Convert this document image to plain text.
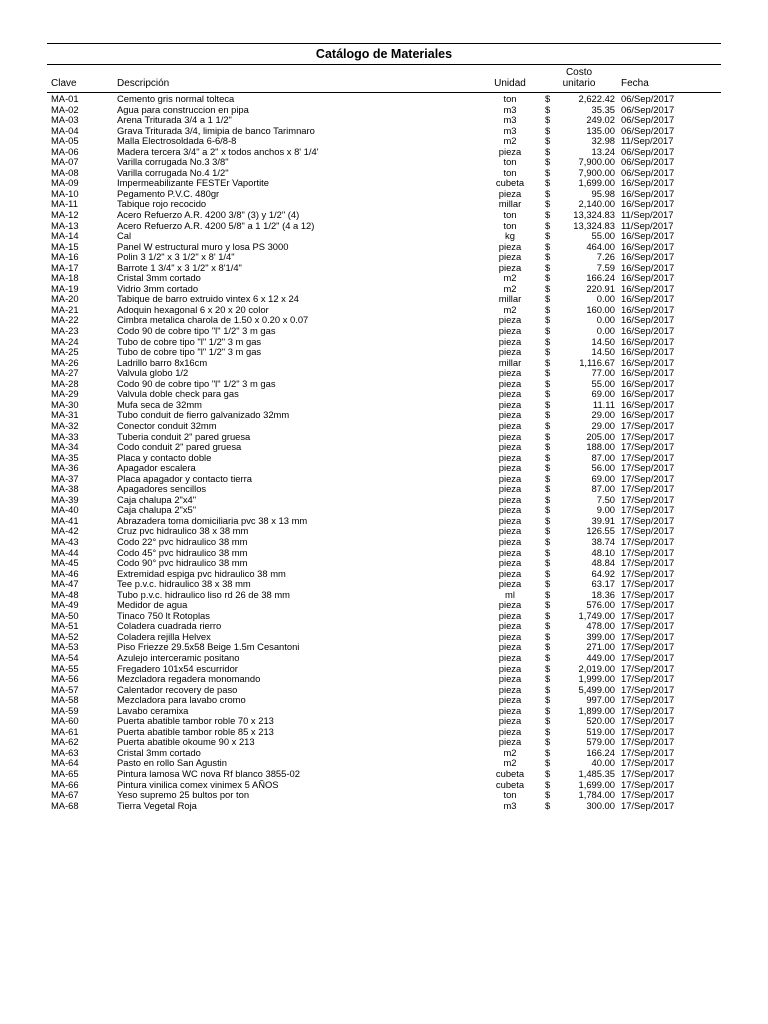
Catálogo de Materiales
Clave	Descripción	Unidad	Costo
unitario		Fecha
MA-01	Cemento gris normal tolteca	ton	$	2,622.42	06/Sep/2017
MA-02	Agua para construccion en pipa	m3	$	35.35	06/Sep/2017
MA-03	Arena Triturada 3/4 a 1 1/2"	m3	$	249.02	06/Sep/2017
MA-04	Grava Triturada 3/4, limipia de banco Tarimnaro	m3	$	135.00	06/Sep/2017
MA-05	Malla Electrosoldada 6-6/8-8	m2	$	32.98	11/Sep/2017
MA-06	Madera tercera 3/4" a 2" x todos anchos x 8' 1/4'	pieza	$	13.24	06/Sep/2017
MA-07	Varilla corrugada No.3 3/8"	ton	$	7,900.00	06/Sep/2017
MA-08	Varilla corrugada No.4 1/2"	ton	$	7,900.00	06/Sep/2017
MA-09	Impermeabilizante FESTEr Vaportite	cubeta	$	1,699.00	16/Sep/2017
MA-10	Pegamento P.V.C. 480gr	pieza	$	95.98	16/Sep/2017
MA-11	Tabique rojo recocido	millar	$	2,140.00	16/Sep/2017
MA-12	Acero Refuerzo A.R. 4200 3/8" (3) y 1/2" (4)	ton	$	13,324.83	11/Sep/2017
MA-13	Acero Refuerzo A.R. 4200 5/8" a 1 1/2" (4 a 12)	ton	$	13,324.83	11/Sep/2017
MA-14	Cal	kg	$	55.00	16/Sep/2017
MA-15	Panel W estructural muro y losa PS 3000	pieza	$	464.00	16/Sep/2017
MA-16	Polin 3 1/2" x 3 1/2" x 8' 1/4"	pieza	$	7.26	16/Sep/2017
MA-17	Barrote 1 3/4" x 3 1/2" x 8'1/4"	pieza	$	7.59	16/Sep/2017
MA-18	Cristal 3mm cortado	m2	$	166.24	16/Sep/2017
MA-19	Vidrio 3mm cortado	m2	$	220.91	16/Sep/2017
MA-20	Tabique de barro extruido vintex 6 x 12 x 24	millar	$	0.00	16/Sep/2017
MA-21	Adoquin hexagonal 6 x 20 x 20 color	m2	$	160.00	16/Sep/2017
MA-22	Cimbra metalica charola de 1.50 x 0.20 x 0.07	pieza	$	0.00	16/Sep/2017
MA-23	Codo 90 de cobre tipo "l" 1/2" 3 m gas	pieza	$	0.00	16/Sep/2017
MA-24	Tubo de cobre tipo "l" 1/2" 3 m gas	pieza	$	14.50	16/Sep/2017
MA-25	Tubo de cobre tipo "l" 1/2" 3 m gas	pieza	$	14.50	16/Sep/2017
MA-26	Ladrillo barro 8x16cm	millar	$	1,116.67	16/Sep/2017
MA-27	Valvula globo 1/2	pieza	$	77.00	16/Sep/2017
MA-28	Codo 90 de cobre tipo "l" 1/2" 3 m gas	pieza	$	55.00	16/Sep/2017
MA-29	Valvula doble check para gas	pieza	$	69.00	16/Sep/2017
MA-30	Mufa seca de 32mm	pieza	$	11.11	16/Sep/2017
MA-31	Tubo conduit de fierro galvanizado 32mm	pieza	$	29.00	16/Sep/2017
MA-32	Conector conduit 32mm	pieza	$	29.00	17/Sep/2017
MA-33	Tuberia conduit 2" pared gruesa	pieza	$	205.00	17/Sep/2017
MA-34	Codo conduit 2" pared gruesa	pieza	$	188.00	17/Sep/2017
MA-35	Placa y contacto doble	pieza	$	87.00	17/Sep/2017
MA-36	Apagador escalera	pieza	$	56.00	17/Sep/2017
MA-37	Placa apagador y contacto tierra	pieza	$	69.00	17/Sep/2017
MA-38	Apagadores sencillos	pieza	$	87.00	17/Sep/2017
MA-39	Caja chalupa 2"x4"	pieza	$	7.50	17/Sep/2017
MA-40	Caja chalupa 2"x5"	pieza	$	9.00	17/Sep/2017
MA-41	Abrazadera toma domiciliaria pvc 38 x 13 mm	pieza	$	39.91	17/Sep/2017
MA-42	Cruz pvc hidraulico 38 x 38 mm	pieza	$	126.55	17/Sep/2017
MA-43	Codo 22° pvc hidraulico 38 mm	pieza	$	38.74	17/Sep/2017
MA-44	Codo 45° pvc hidraulico 38 mm	pieza	$	48.10	17/Sep/2017
MA-45	Codo 90° pvc hidraulico 38 mm	pieza	$	48.84	17/Sep/2017
MA-46	Extremidad espiga pvc hidraulico 38 mm	pieza	$	64.92	17/Sep/2017
MA-47	Tee p.v.c. hidraulico 38 x 38 mm	pieza	$	63.17	17/Sep/2017
MA-48	Tubo p.v.c. hidraulico liso rd 26 de 38 mm	ml	$	18.36	17/Sep/2017
MA-49	Medidor de agua	pieza	$	576.00	17/Sep/2017
MA-50	Tinaco 750 lt Rotoplas	pieza	$	1,749.00	17/Sep/2017
MA-51	Coladera cuadrada rierro	pieza	$	478.00	17/Sep/2017
MA-52	Coladera rejilla Helvex	pieza	$	399.00	17/Sep/2017
MA-53	Piso Friezze 29.5x58 Beige 1.5m Cesantoni	pieza	$	271.00	17/Sep/2017
MA-54	Azulejo interceramic positano	pieza	$	449.00	17/Sep/2017
MA-55	Fregadero 101x54 escurridor	pieza	$	2,019.00	17/Sep/2017
MA-56	Mezcladora regadera monomando	pieza	$	1,999.00	17/Sep/2017
MA-57	Calentador recovery de paso	pieza	$	5,499.00	17/Sep/2017
MA-58	Mezcladora para lavabo cromo	pieza	$	997.00	17/Sep/2017
MA-59	Lavabo ceramixa	pieza	$	1,899.00	17/Sep/2017
MA-60	Puerta abatible tambor roble 70 x 213	pieza	$	520.00	17/Sep/2017
MA-61	Puerta abatible tambor roble 85 x 213	pieza	$	519.00	17/Sep/2017
MA-62	Puerta abatible okoume 90 x 213	pieza	$	579.00	17/Sep/2017
MA-63	Cristal 3mm cortado	m2	$	166.24	17/Sep/2017
MA-64	Pasto en rollo San Agustin	m2	$	40.00	17/Sep/2017
MA-65	Pintura lamosa WC nova Rf blanco 3855-02	cubeta	$	1,485.35	17/Sep/2017
MA-66	Pintura vinilica comex vinimex 5 AÑOS	cubeta	$	1,699.00	17/Sep/2017
MA-67	Yeso supremo 25 bultos por ton	ton	$	1,784.00	17/Sep/2017
MA-68	Tierra Vegetal Roja	m3	$	300.00	17/Sep/2017
